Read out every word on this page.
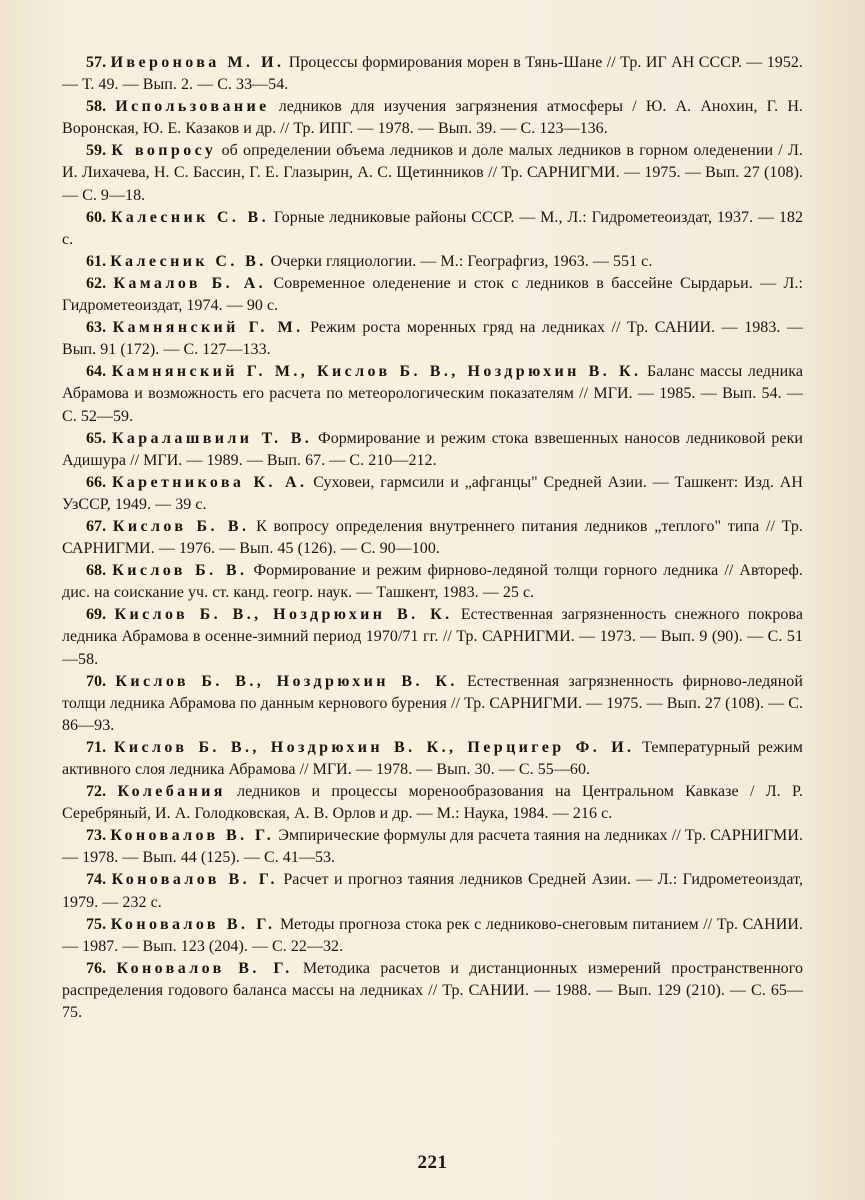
57. Иверонова М. И. Процессы формирования морен в Тянь-Шане // Тр. ИГ АН СССР. — 1952. — Т. 49. — Вып. 2. — С. 33—54.

58. Использование ледников для изучения загрязнения атмосферы / Ю. А. Анохин, Г. Н. Воронская, Ю. Е. Казаков и др. // Тр. ИПГ. — 1978. — Вып. 39. — С. 123—136.

59. К вопросу об определении объема ледников и доле малых ледников в горном оледенении / Л. И. Лихачева, Н. С. Бассин, Г. Е. Глазырин, А. С. Щетинников // Тр. САРНИГМИ. — 1975. — Вып. 27 (108). — С. 9—18.

60. Калесник С. В. Горные ледниковые районы СССР. — М., Л.: Гидрометеоиздат, 1937. — 182 с.

61. Калесник С. В. Очерки гляциологии. — М.: Географгиз, 1963. — 551 с.

62. Камалов Б. А. Современное оледенение и сток с ледников в бассейне Сырдарьи. — Л.: Гидрометеоиздат, 1974. — 90 с.

63. Камнянский Г. М. Режим роста моренных гряд на ледниках // Тр. САНИИ. — 1983. — Вып. 91 (172). — С. 127—133.

64. Камнянский Г. М., Кислов Б. В., Ноздрюхин В. К. Баланс массы ледника Абрамова и возможность его расчета по метеорологическим показателям // МГИ. — 1985. — Вып. 54. — С. 52—59.

65. Каралашвили Т. В. Формирование и режим стока взвешенных наносов ледниковой реки Адишура // МГИ. — 1989. — Вып. 67. — С. 210—212.

66. Каретникова К. А. Суховеи, гармсили и „афганцы" Средней Азии. — Ташкент: Изд. АН УзССР, 1949. — 39 с.

67. Кислов Б. В. К вопросу определения внутреннего питания ледников „теплого" типа // Тр. САРНИГМИ. — 1976. — Вып. 45 (126). — С. 90—100.

68. Кислов Б. В. Формирование и режим фирново-ледяной толщи горного ледника // Автореф. дис. на соискание уч. ст. канд. геогр. наук. — Ташкент, 1983. — 25 с.

69. Кислов Б. В., Ноздрюхин В. К. Естественная загрязненность снежного покрова ледника Абрамова в осенне-зимний период 1970/71 гг. // Тр. САРНИГМИ. — 1973. — Вып. 9 (90). — С. 51—58.

70. Кислов Б. В., Ноздрюхин В. К. Естественная загрязненность фирново-ледяной толщи ледника Абрамова по данным кернового бурения // Тр. САРНИГМИ. — 1975. — Вып. 27 (108). — С. 86—93.

71. Кислов Б. В., Ноздрюхин В. К., Перцигер Ф. И. Температурный режим активного слоя ледника Абрамова // МГИ. — 1978. — Вып. 30. — С. 55—60.

72. Колебания ледников и процессы моренообразования на Центральном Кавказе / Л. Р. Серебряный, И. А. Голодковская, А. В. Орлов и др. — М.: Наука, 1984. — 216 с.

73. Коновалов В. Г. Эмпирические формулы для расчета таяния на ледниках // Тр. САРНИГМИ. — 1978. — Вып. 44 (125). — С. 41—53.

74. Коновалов В. Г. Расчет и прогноз таяния ледников Средней Азии. — Л.: Гидрометеоиздат, 1979. — 232 с.

75. Коновалов В. Г. Методы прогноза стока рек с ледниково-снеговым питанием // Тр. САНИИ. — 1987. — Вып. 123 (204). — С. 22—32.

76. Коновалов В. Г. Методика расчетов и дистанционных измерений пространственного распределения годового баланса массы на ледниках // Тр. САНИИ. — 1988. — Вып. 129 (210). — С. 65—75.

221
